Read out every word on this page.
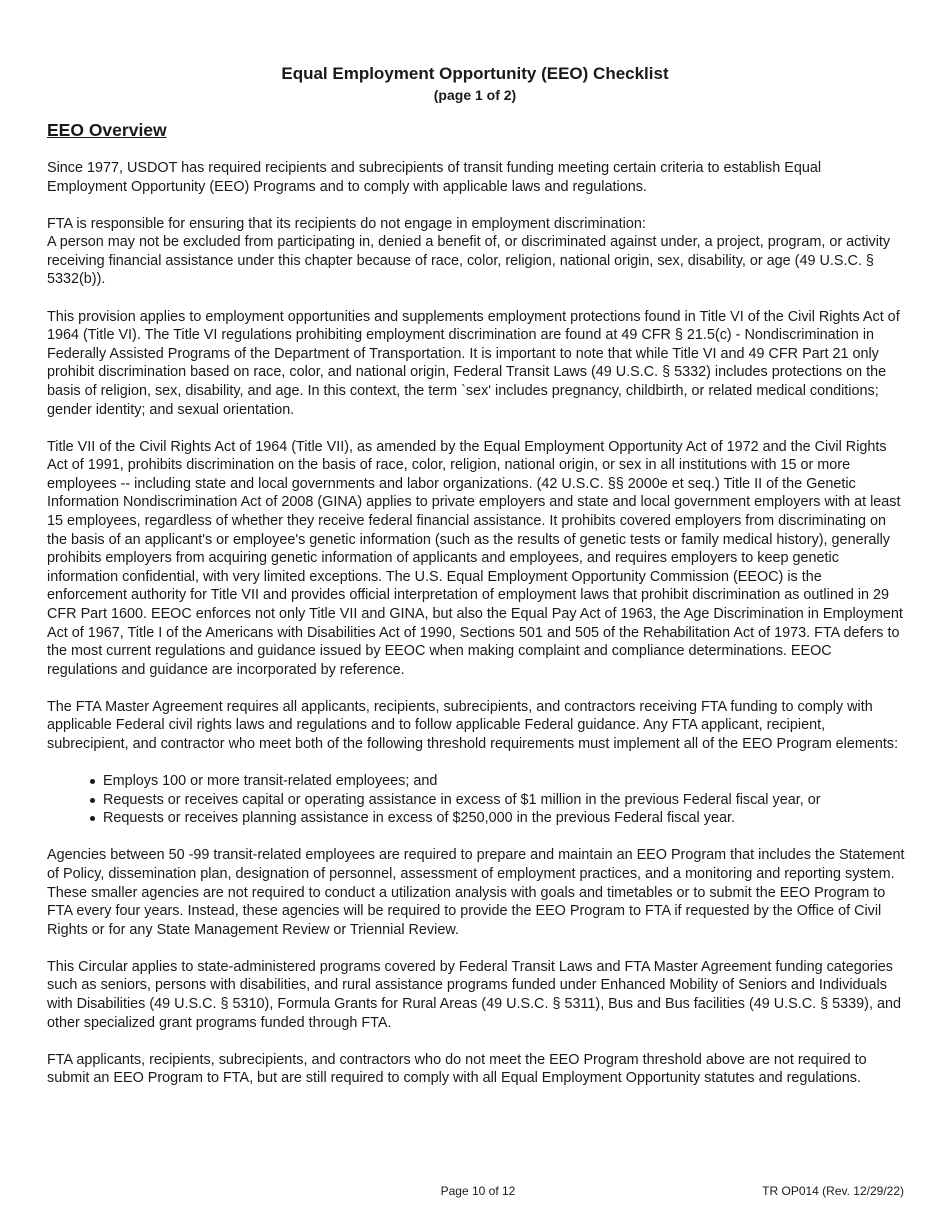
Equal Employment Opportunity (EEO) Checklist
(page 1 of 2)
EEO Overview

Since 1977, USDOT has required recipients and subrecipients of transit funding meeting certain criteria to establish Equal Employment Opportunity (EEO) Programs and to comply with applicable laws and regulations.

FTA is responsible for ensuring that its recipients do not engage in employment discrimination:

A person may not be excluded from participating in, denied a benefit of, or discriminated against under, a project, program, or activity receiving financial assistance under this chapter because of race, color, religion, national origin, sex, disability, or age (49 U.S.C. § 5332(b)).

This provision applies to employment opportunities and supplements employment protections found in Title VI of the Civil Rights Act of 1964 (Title VI). The Title VI regulations prohibiting employment discrimination are found at 49 CFR § 21.5(c) - Nondiscrimination in Federally Assisted Programs of the Department of Transportation. It is important to note that while Title VI and 49 CFR Part 21 only prohibit discrimination based on race, color, and national origin, Federal Transit Laws (49 U.S.C. § 5332) includes protections on the basis of religion, sex, disability, and age. In this context, the term `sex' includes pregnancy, childbirth, or related medical conditions; gender identity; and sexual orientation.

Title VII of the Civil Rights Act of 1964 (Title VII), as amended by the Equal Employment Opportunity Act of 1972 and the Civil Rights Act of 1991, prohibits discrimination on the basis of race, color, religion, national origin, or sex in all institutions with 15 or more employees -- including state and local governments and labor organizations. (42 U.S.C. §§ 2000e et seq.) Title II of the Genetic Information Nondiscrimination Act of 2008 (GINA) applies to private employers and state and local government employers with at least 15 employees, regardless of whether they receive federal financial assistance. It prohibits covered employers from discriminating on the basis of an applicant's or employee's genetic information (such as the results of genetic tests or family medical history), generally prohibits employers from acquiring genetic information of applicants and employees, and requires employers to keep genetic information confidential, with very limited exceptions. The U.S. Equal Employment Opportunity Commission (EEOC) is the enforcement authority for Title VII and provides official interpretation of employment laws that prohibit discrimination as outlined in 29 CFR Part 1600. EEOC enforces not only Title VII and GINA, but also the Equal Pay Act of 1963, the Age Discrimination in Employment Act of 1967, Title I of the Americans with Disabilities Act of 1990, Sections 501 and 505 of the Rehabilitation Act of 1973. FTA defers to the most current regulations and guidance issued by EEOC when making complaint and compliance determinations. EEOC regulations and guidance are incorporated by reference.

The FTA Master Agreement requires all applicants, recipients, subrecipients, and contractors receiving FTA funding to comply with applicable Federal civil rights laws and regulations and to follow applicable Federal guidance. Any FTA applicant, recipient, subrecipient, and contractor who meet both of the following threshold requirements must implement all of the EEO Program elements:

Employs 100 or more transit-related employees; and
Requests or receives capital or operating assistance in excess of $1 million in the previous Federal fiscal year, or
Requests or receives planning assistance in excess of $250,000 in the previous Federal fiscal year.

Agencies between 50 -99 transit-related employees are required to prepare and maintain an EEO Program that includes the Statement of Policy, dissemination plan, designation of personnel, assessment of employment practices, and a monitoring and reporting system. These smaller agencies are not required to conduct a utilization analysis with goals and timetables or to submit the EEO Program to FTA every four years. Instead, these agencies will be required to provide the EEO Program to FTA if requested by the Office of Civil Rights or for any State Management Review or Triennial Review.

This Circular applies to state-administered programs covered by Federal Transit Laws and FTA Master Agreement funding categories such as seniors, persons with disabilities, and rural assistance programs funded under Enhanced Mobility of Seniors and Individuals with Disabilities (49 U.S.C. § 5310), Formula Grants for Rural Areas (49 U.S.C. § 5311), Bus and Bus facilities (49 U.S.C. § 5339), and other specialized grant programs funded through FTA.

FTA applicants, recipients, subrecipients, and contractors who do not meet the EEO Program threshold above are not required to submit an EEO Program to FTA, but are still required to comply with all Equal Employment Opportunity statutes and regulations.

Page 10 of 12	TR OP014 (Rev. 12/29/22)
